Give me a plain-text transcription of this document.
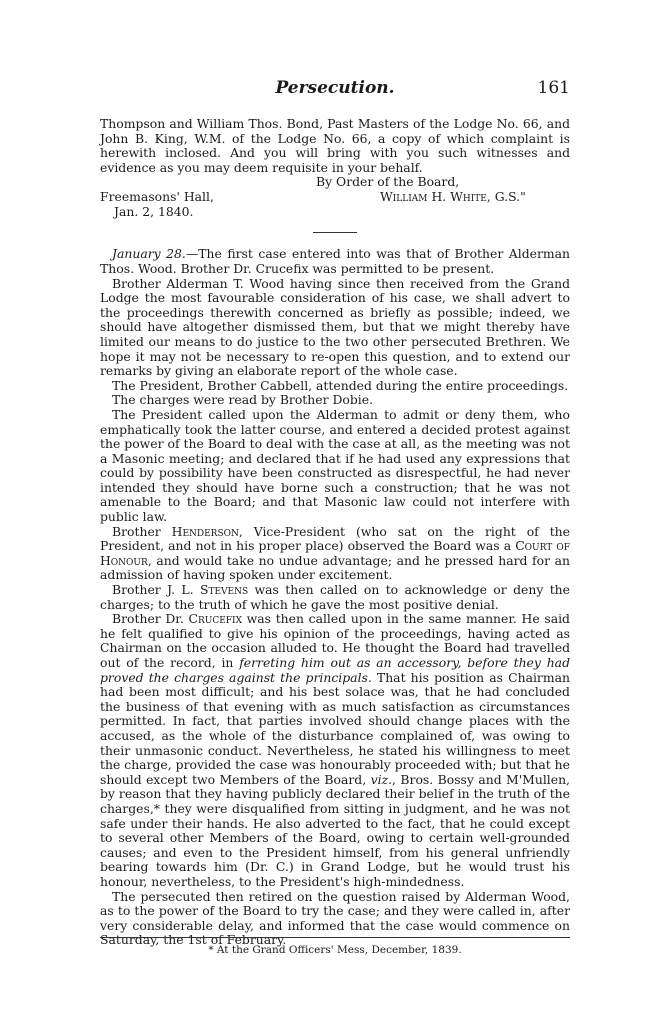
Persecution.	161

Thompson and William Thos. Bond, Past Masters of the Lodge No. 66, and John B. King, W.M. of the Lodge No. 66, a copy of which complaint is herewith inclosed. And you will bring with you such witnesses and evidence as you may deem requisite in your behalf.

By Order of the Board,
Freemasons' Hall,	William H. White, G.S."
Jan. 2, 1840.

January 28.—The first case entered into was that of Brother Alderman Thos. Wood. Brother Dr. Crucefix was permitted to be present.

Brother Alderman T. Wood having since then received from the Grand Lodge the most favourable consideration of his case, we shall advert to the proceedings therewith concerned as briefly as possible; indeed, we should have altogether dismissed them, but that we might thereby have limited our means to do justice to the two other persecuted Brethren. We hope it may not be necessary to re-open this question, and to extend our remarks by giving an elaborate report of the whole case.

The President, Brother Cabbell, attended during the entire proceedings.

The charges were read by Brother Dobie.

The President called upon the Alderman to admit or deny them, who emphatically took the latter course, and entered a decided protest against the power of the Board to deal with the case at all, as the meeting was not a Masonic meeting; and declared that if he had used any expressions that could by possibility have been constructed as disrespectful, he had never intended they should have borne such a construction; that he was not amenable to the Board; and that Masonic law could not interfere with public law.

Brother Henderson, Vice-President (who sat on the right of the President, and not in his proper place) observed the Board was a Court of Honour, and would take no undue advantage; and he pressed hard for an admission of having spoken under excitement.

Brother J. L. Stevens was then called on to acknowledge or deny the charges; to the truth of which he gave the most positive denial.

Brother Dr. Crucefix was then called upon in the same manner. He said he felt qualified to give his opinion of the proceedings, having acted as Chairman on the occasion alluded to. He thought the Board had travelled out of the record, in ferreting him out as an accessory, before they had proved the charges against the principals. That his position as Chairman had been most difficult; and his best solace was, that he had concluded the business of that evening with as much satisfaction as circumstances permitted. In fact, that parties involved should change places with the accused, as the whole of the disturbance complained of, was owing to their unmasonic conduct. Nevertheless, he stated his willingness to meet the charge, provided the case was honourably proceeded with; but that he should except two Members of the Board, viz., Bros. Bossy and M'Mullen, by reason that they having publicly declared their belief in the truth of the charges,* they were disqualified from sitting in judgment, and he was not safe under their hands. He also adverted to the fact, that he could except to several other Members of the Board, owing to certain well-grounded causes; and even to the President himself, from his general unfriendly bearing towards him (Dr. C.) in Grand Lodge, but he would trust his honour, nevertheless, to the President's high-mindedness.

The persecuted then retired on the question raised by Alderman Wood, as to the power of the Board to try the case; and they were called in, after very considerable delay, and informed that the case would commence on Saturday, the 1st of February.

* At the Grand Officers' Mess, December, 1839.
